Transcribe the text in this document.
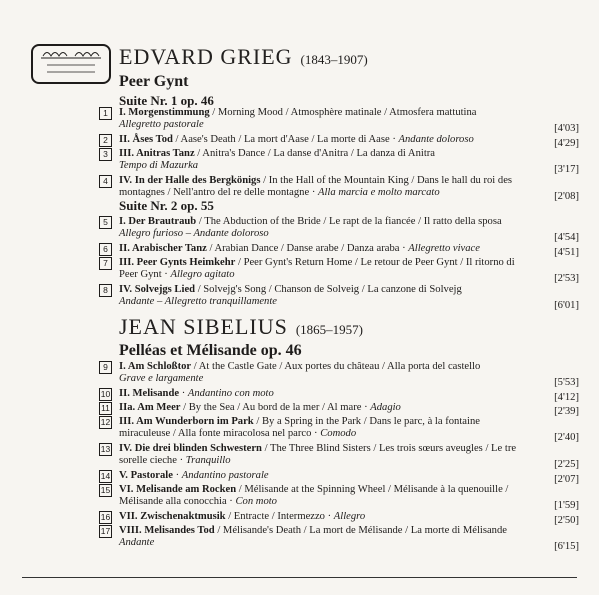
EDVARD GRIEG (1843–1907)
Peer Gynt
Suite Nr. 1 op. 46
1	I. Morgenstimmung / Morning Mood / Atmosphère matinale / Atmosfera mattutina
Allegretto pastorale	[4'03]
2	II. Åses Tod / Aase's Death / La mort d'Aase / La morte di Aase · Andante doloroso	[4'29]
3	III. Anitras Tanz / Anitra's Dance / La danse d'Anitra / La danza di Anitra
Tempo di Mazurka	[3'17]
4	IV. In der Halle des Bergkönigs / In the Hall of the Mountain King / Dans le hall du roi des
montagnes / Nell'antro del re delle montagne · Alla marcia e molto marcato	[2'08]
Suite Nr. 2 op. 55
5	I. Der Brautraub / The Abduction of the Bride / Le rapt de la fiancée / Il ratto della sposa
Allegro furioso – Andante doloroso	[4'54]
6	II. Arabischer Tanz / Arabian Dance / Danse arabe / Danza araba · Allegretto vivace	[4'51]
7	III. Peer Gynts Heimkehr / Peer Gynt's Return Home / Le retour de Peer Gynt / Il ritorno di
Peer Gynt · Allegro agitato	[2'53]
8	IV. Solvejgs Lied / Solvejg's Song / Chanson de Solveig / La canzone di Solvejg
Andante – Allegretto tranquillamente	[6'01]
JEAN SIBELIUS (1865–1957)
Pelléas et Mélisande op. 46
9	I. Am Schloßtor / At the Castle Gate / Aux portes du château / Alla porta del castello
Grave e largamente	[5'53]
10 II. Melisande · Andantino con moto	[4'12]
11 IIa. Am Meer / By the Sea / Au bord de la mer / Al mare · Adagio	[2'39]
12 III. Am Wunderborn im Park / By a Spring in the Park / Dans le parc, à la fontaine
miraculeuse / Alla fonte miracolosa nel parco · Comodo	[2'40]
13 IV. Die drei blinden Schwestern / The Three Blind Sisters / Les trois sœurs aveugles / Le tre
sorelle cieche · Tranquillo	[2'25]
14 V. Pastorale · Andantino pastorale	[2'07]
15 VI. Melisande am Rocken / Mélisande at the Spinning Wheel / Mélisande à la quenouille /
Mélisande alla conocchia · Con moto	[1'59]
16 VII. Zwischenaktmusik / Entracte / Intermezzo · Allegro	[2'50]
17 VIII. Melisandes Tod / Mélisande's Death / La mort de Mélisande / La morte di Mélisande
Andante	[6'15]
